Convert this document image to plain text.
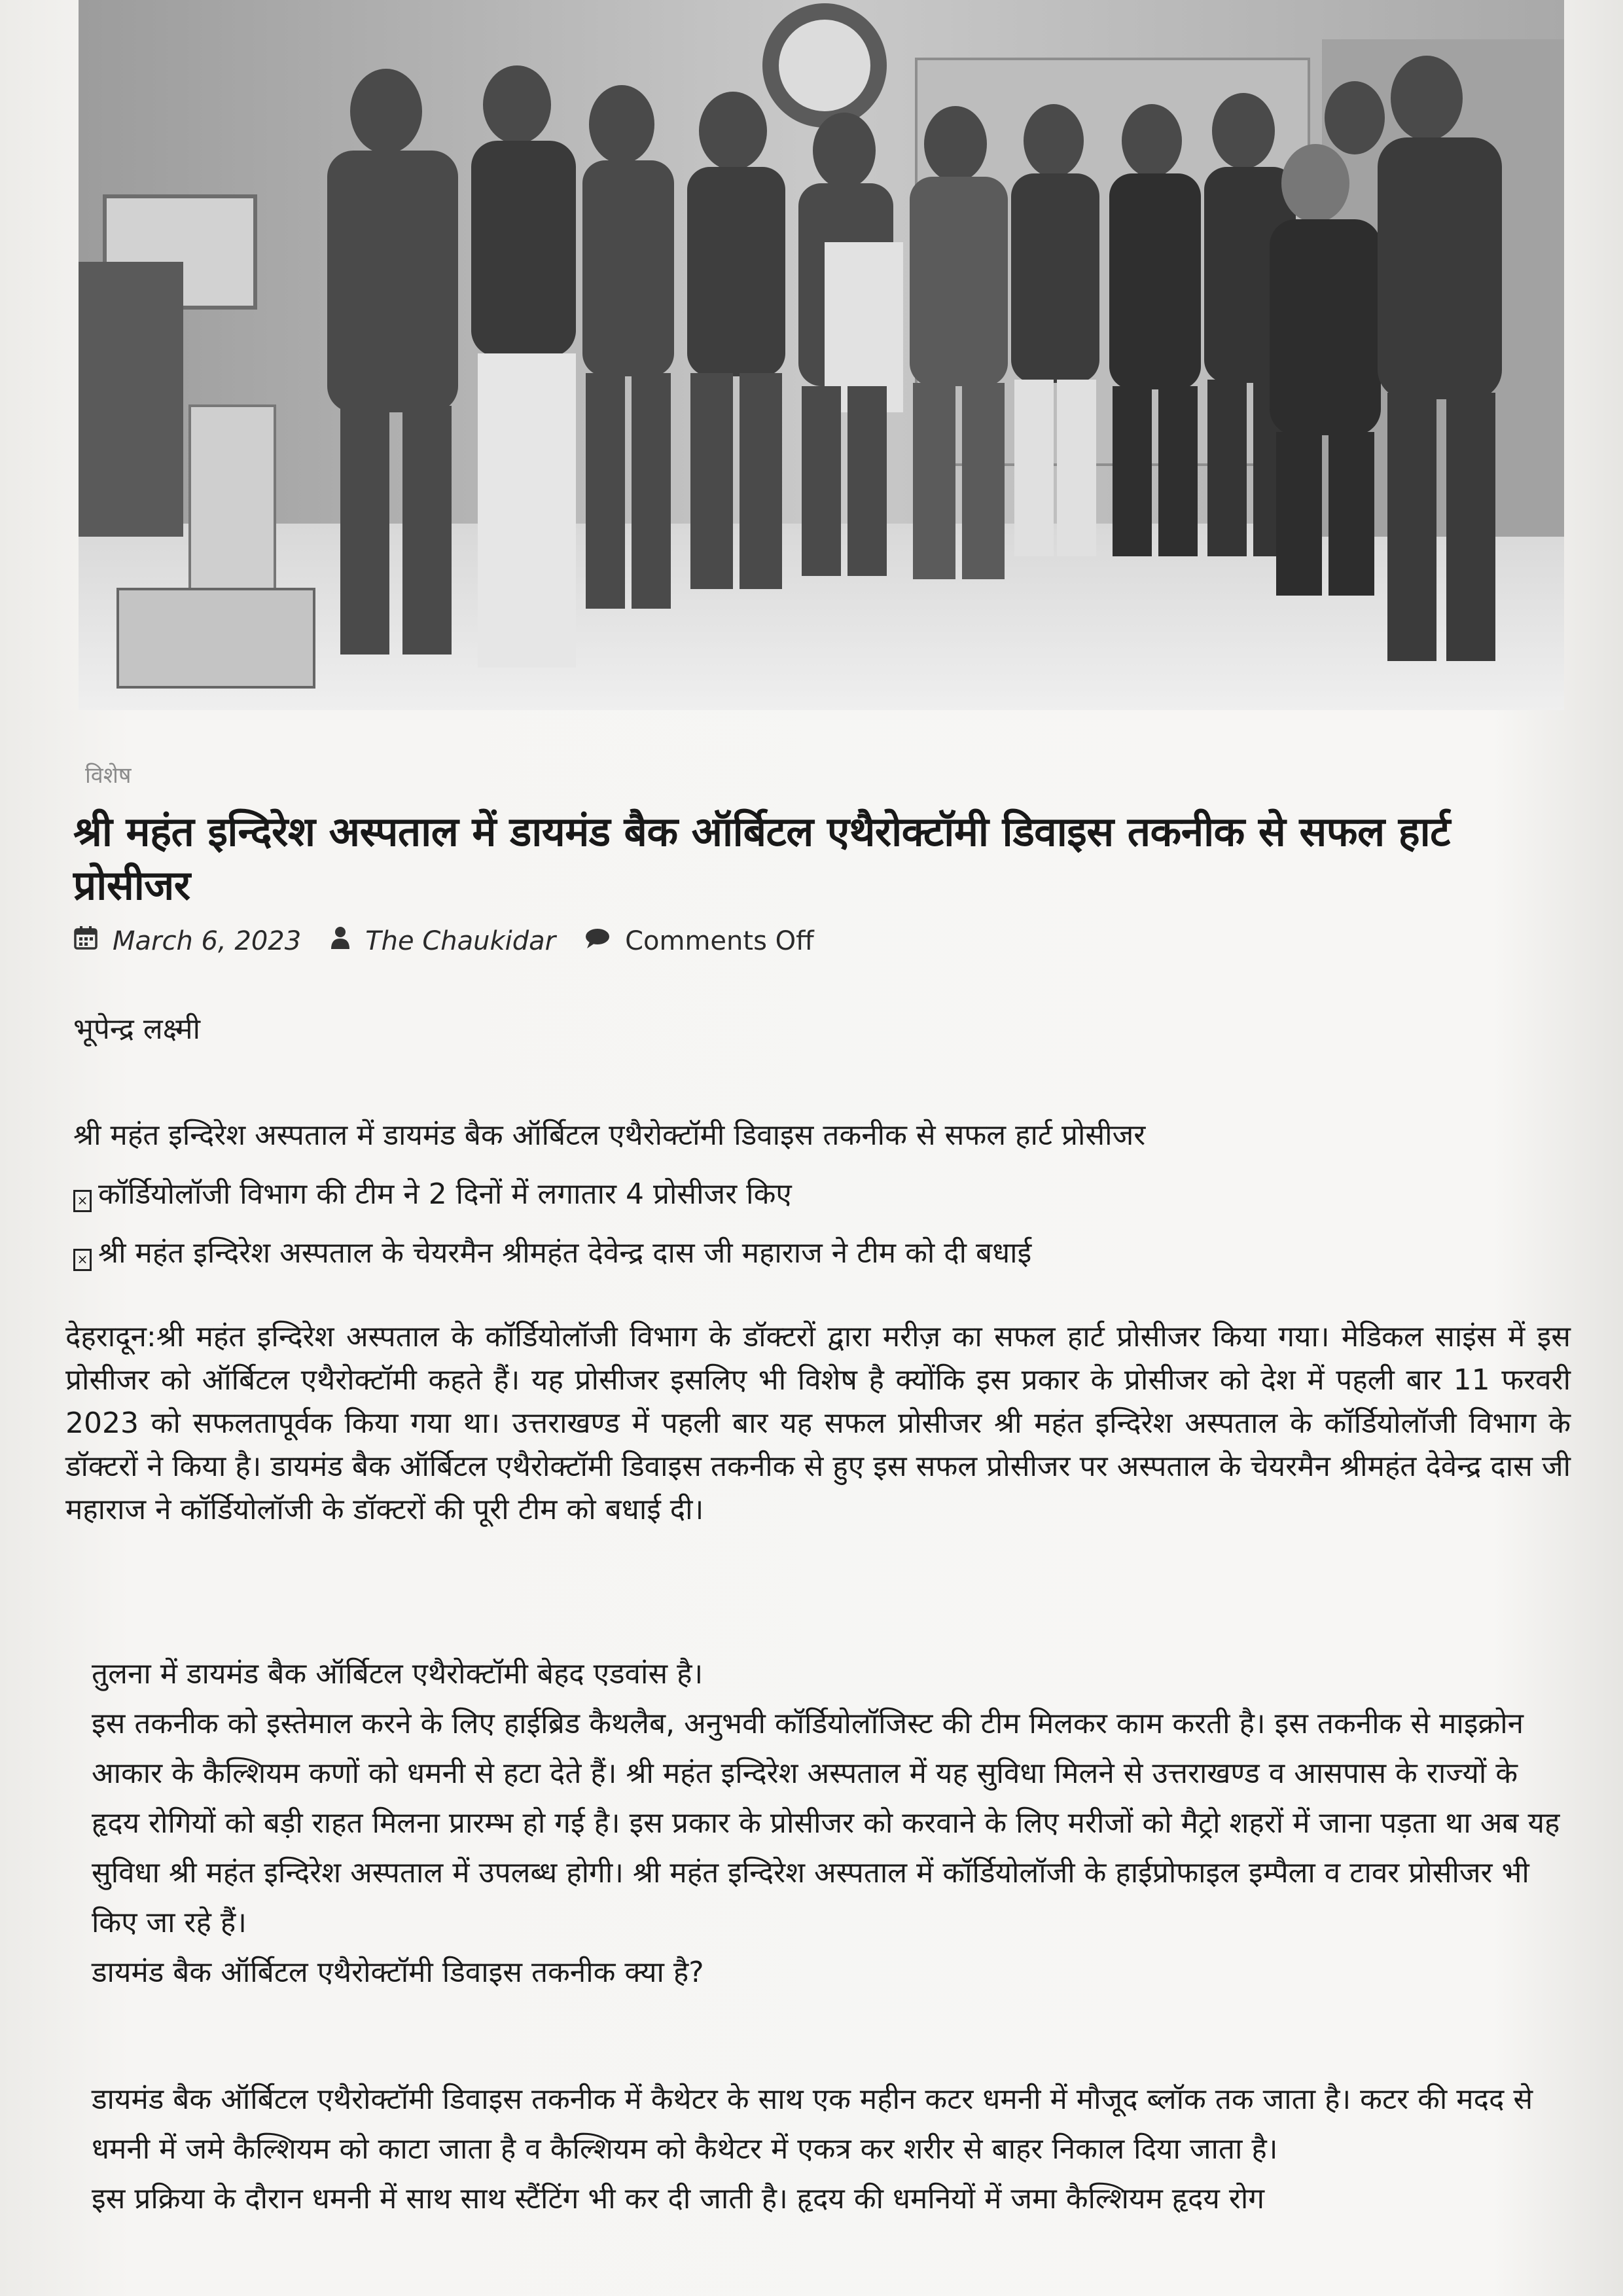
विशेष
श्री महंत इन्दिरेश अस्पताल में डायमंड बैक ऑर्बिटल एथैरोक्टॉमी डिवाइस तकनीक से सफल हार्ट प्रोसीजर
March 6, 2023 The Chaukidar	Comments Off
भूपेन्द्र लक्ष्मी
श्री महंत इन्दिरेश अस्पताल में डायमंड बैक ऑर्बिटल एथैरोक्टॉमी डिवाइस तकनीक से सफल हार्ट प्रोसीजर
× कॉर्डियोलॉजी विभाग की टीम ने 2 दिनों में लगातार 4 प्रोसीजर किए
× श्री महंत इन्दिरेश अस्पताल के चेयरमैन श्रीमहंत देवेन्द्र दास जी महाराज ने टीम को दी बधाई
देहरादून:श्री महंत इन्दिरेश अस्पताल के कॉर्डियोलॉजी विभाग के डॉक्टरों द्वारा मरीज़ का सफल हार्ट प्रोसीजर किया गया। मेडिकल साइंस में इस प्रोसीजर को ऑर्बिटल एथैरोक्टॉमी कहते हैं। यह प्रोसीजर इसलिए भी विशेष है क्योंकि इस प्रकार के प्रोसीजर को देश में पहली बार 11 फरवरी 2023 को सफलतापूर्वक किया गया था। उत्तराखण्ड में पहली बार यह सफल प्रोसीजर श्री महंत इन्दिरेश अस्पताल के कॉर्डियोलॉजी विभाग के डॉक्टरों ने किया है। डायमंड बैक ऑर्बिटल एथैरोक्टॉमी डिवाइस तकनीक से हुए इस सफल प्रोसीजर पर अस्पताल के चेयरमैन श्रीमहंत देवेन्द्र दास जी महाराज ने कॉर्डियोलॉजी के डॉक्टरों की पूरी टीम को बधाई दी।

तुलना में डायमंड बैक ऑर्बिटल एथैरोक्टॉमी बेहद एडवांस है।

इस तकनीक को इस्तेमाल करने के लिए हाईब्रिड कैथलैब, अनुभवी कॉर्डियोलॉजिस्ट की टीम मिलकर काम करती है। इस तकनीक से माइक्रोन आकार के कैल्शियम कणों को धमनी से हटा देते हैं। श्री महंत इन्दिरेश अस्पताल में यह सुविधा मिलने से उत्तराखण्ड व आसपास के राज्यों के हृदय रोगियों को बड़ी राहत मिलना प्रारम्भ हो गई है। इस प्रकार के प्रोसीजर को करवाने के लिए मरीजों को मैट्रो शहरों में जाना पड़ता था अब यह सुविधा श्री महंत इन्दिरेश अस्पताल में उपलब्ध होगी। श्री महंत इन्दिरेश अस्पताल में कॉर्डियोलॉजी के हाईप्रोफाइल इम्पैला व टावर प्रोसीजर भी किए जा रहे हैं।

डायमंड बैक ऑर्बिटल एथैरोक्टॉमी डिवाइस तकनीक क्या है?

डायमंड बैक ऑर्बिटल एथैरोक्टॉमी डिवाइस तकनीक में कैथेटर के साथ एक महीन कटर धमनी में मौजूद ब्लॉक तक जाता है। कटर की मदद से धमनी में जमे कैल्शियम को काटा जाता है व कैल्शियम को कैथेटर में एकत्र कर शरीर से बाहर निकाल दिया जाता है।

इस प्रक्रिया के दौरान धमनी में साथ साथ स्टैंटिंग भी कर दी जाती है। हृदय की धमनियों में जमा कैल्शियम हृदय रोग
